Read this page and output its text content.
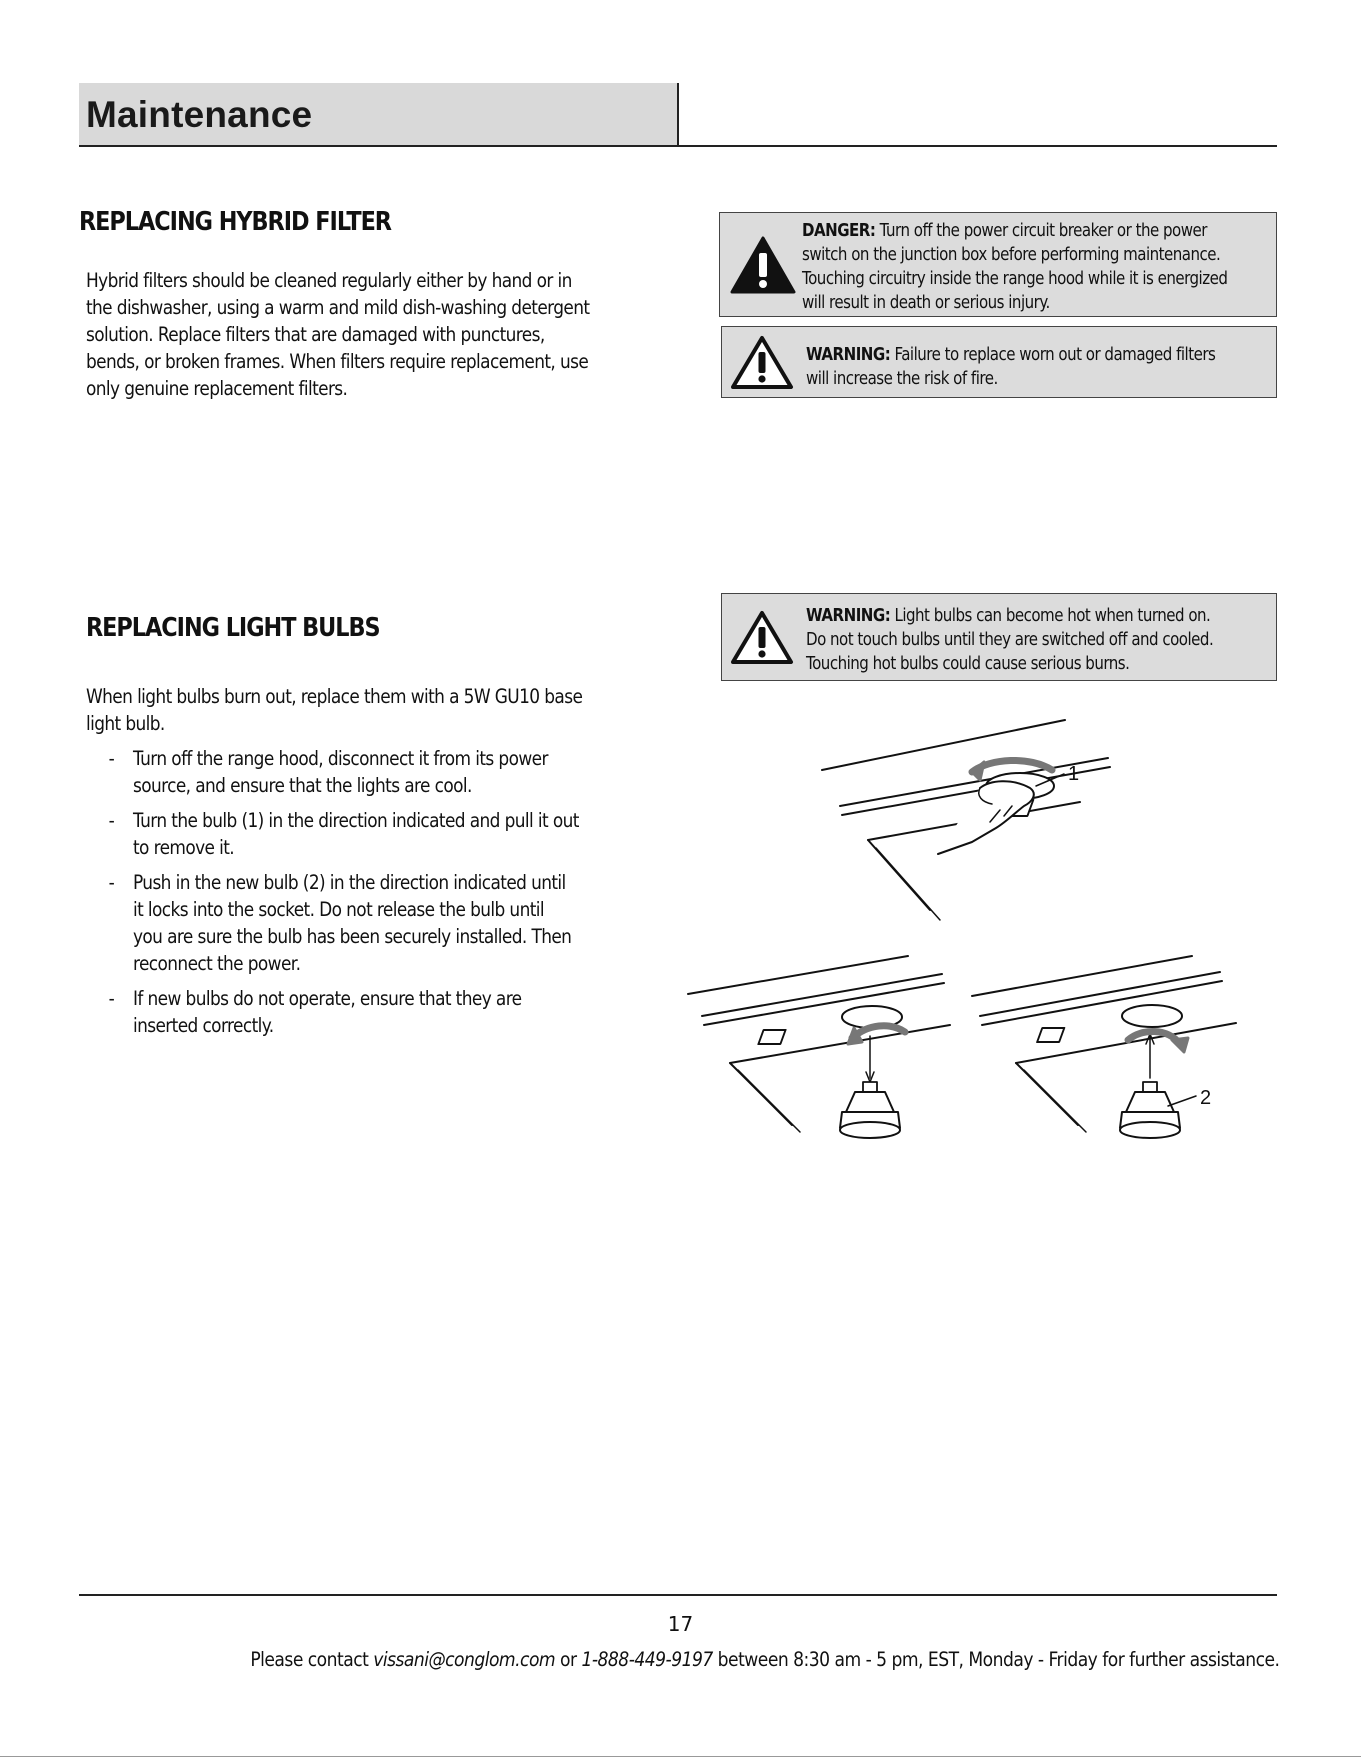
Maintenance
REPLACING HYBRID FILTER
Hybrid filters should be cleaned regularly either by hand or in
the dishwasher, using a warm and mild dish-washing detergent
solution. Replace filters that are damaged with punctures,
bends, or broken frames. When filters require replacement, use
only genuine replacement filters.
DANGER: Turn off the power circuit breaker or the power
switch on the junction box before performing maintenance.
Touching circuitry inside the range hood while it is energized
will result in death or serious injury.
WARNING: Failure to replace worn out or damaged filters
will increase the risk of fire.
REPLACING LIGHT BULBS
When light bulbs burn out, replace them with a 5W GU10 base
light bulb.
- Turn off the range hood, disconnect it from its power
source, and ensure that the lights are cool.
- Turn the bulb (1) in the direction indicated and pull it out
to remove it.
- Push in the new bulb (2) in the direction indicated until
it locks into the socket. Do not release the bulb until
you are sure the bulb has been securely installed. Then
reconnect the power.
- If new bulbs do not operate, ensure that they are
inserted correctly.
WARNING: Light bulbs can become hot when turned on.
Do not touch bulbs until they are switched off and cooled.
Touching hot bulbs could cause serious burns.
1
2
17
Please contact vissani@conglom.com or 1-888-449-9197 between 8:30 am - 5 pm, EST, Monday - Friday for further assistance.
